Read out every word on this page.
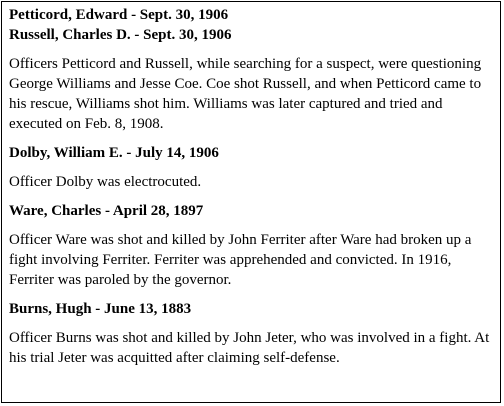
Petticord, Edward - Sept. 30, 1906

Russell, Charles D. - Sept. 30, 1906

Officers Petticord and Russell, while searching for a suspect, were questioning George Williams and Jesse Coe. Coe shot Russell, and when Petticord came to his rescue, Williams shot him. Williams was later captured and tried and executed on Feb. 8, 1908.

Dolby, William E. - July 14, 1906

Officer Dolby was electrocuted.

Ware, Charles - April 28, 1897

Officer Ware was shot and killed by John Ferriter after Ware had broken up a fight involving Ferriter. Ferriter was apprehended and convicted. In 1916, Ferriter was paroled by the governor.

Burns, Hugh - June 13, 1883

Officer Burns was shot and killed by John Jeter, who was involved in a fight. At his trial Jeter was acquitted after claiming self-defense.
